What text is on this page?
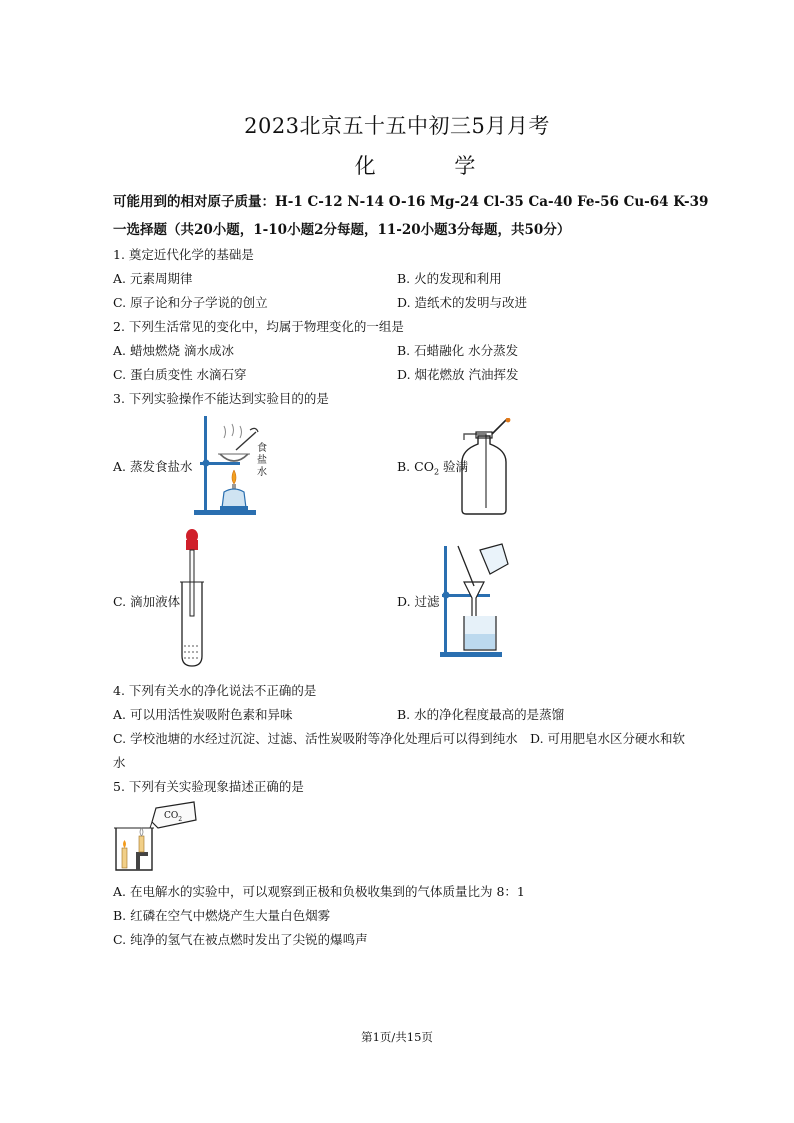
2023北京五十五中初三5月月考
化 学
可能用到的相对原子质量：H-1 C-12 N-14 O-16 Mg-24 Cl-35 Ca-40 Fe-56 Cu-64 K-39
一选择题（共20小题，1-10小题2分每题，11-20小题3分每题，共50分）
1. 奠定近代化学的基础是
A. 元素周期律	B. 火的发现和利用
C. 原子论和分子学说的创立	D. 造纸术的发明与改进
2. 下列生活常见的变化中，均属于物理变化的一组是
A. 蜡烛燃烧 滴水成冰	B. 石蜡融化 水分蒸发
C. 蛋白质变性 水滴石穿	D. 烟花燃放 汽油挥发
3. 下列实验操作不能达到实验目的的是
A. 蒸发食盐水
食盐水	B. $CO_2$ 验满
C. 滴加液体	D. 过滤
4. 下列有关水的净化说法不正确的是
A. 可以用活性炭吸附色素和异味	B. 水的净化程度最高的是蒸馏
C. 学校池塘的水经过沉淀、过滤、活性炭吸附等净化处理后可以得到纯水 D. 可用肥皂水区分硬水和软
水
5. 下列有关实验现象描述正确的是
$CO_2$
A. 在电解水的实验中，可以观察到正极和负极收集到的气体质量比为 8：1
B. 红磷在空气中燃烧产生大量白色烟雾
C. 纯净的氢气在被点燃时发出了尖锐的爆鸣声
第1页/共15页
